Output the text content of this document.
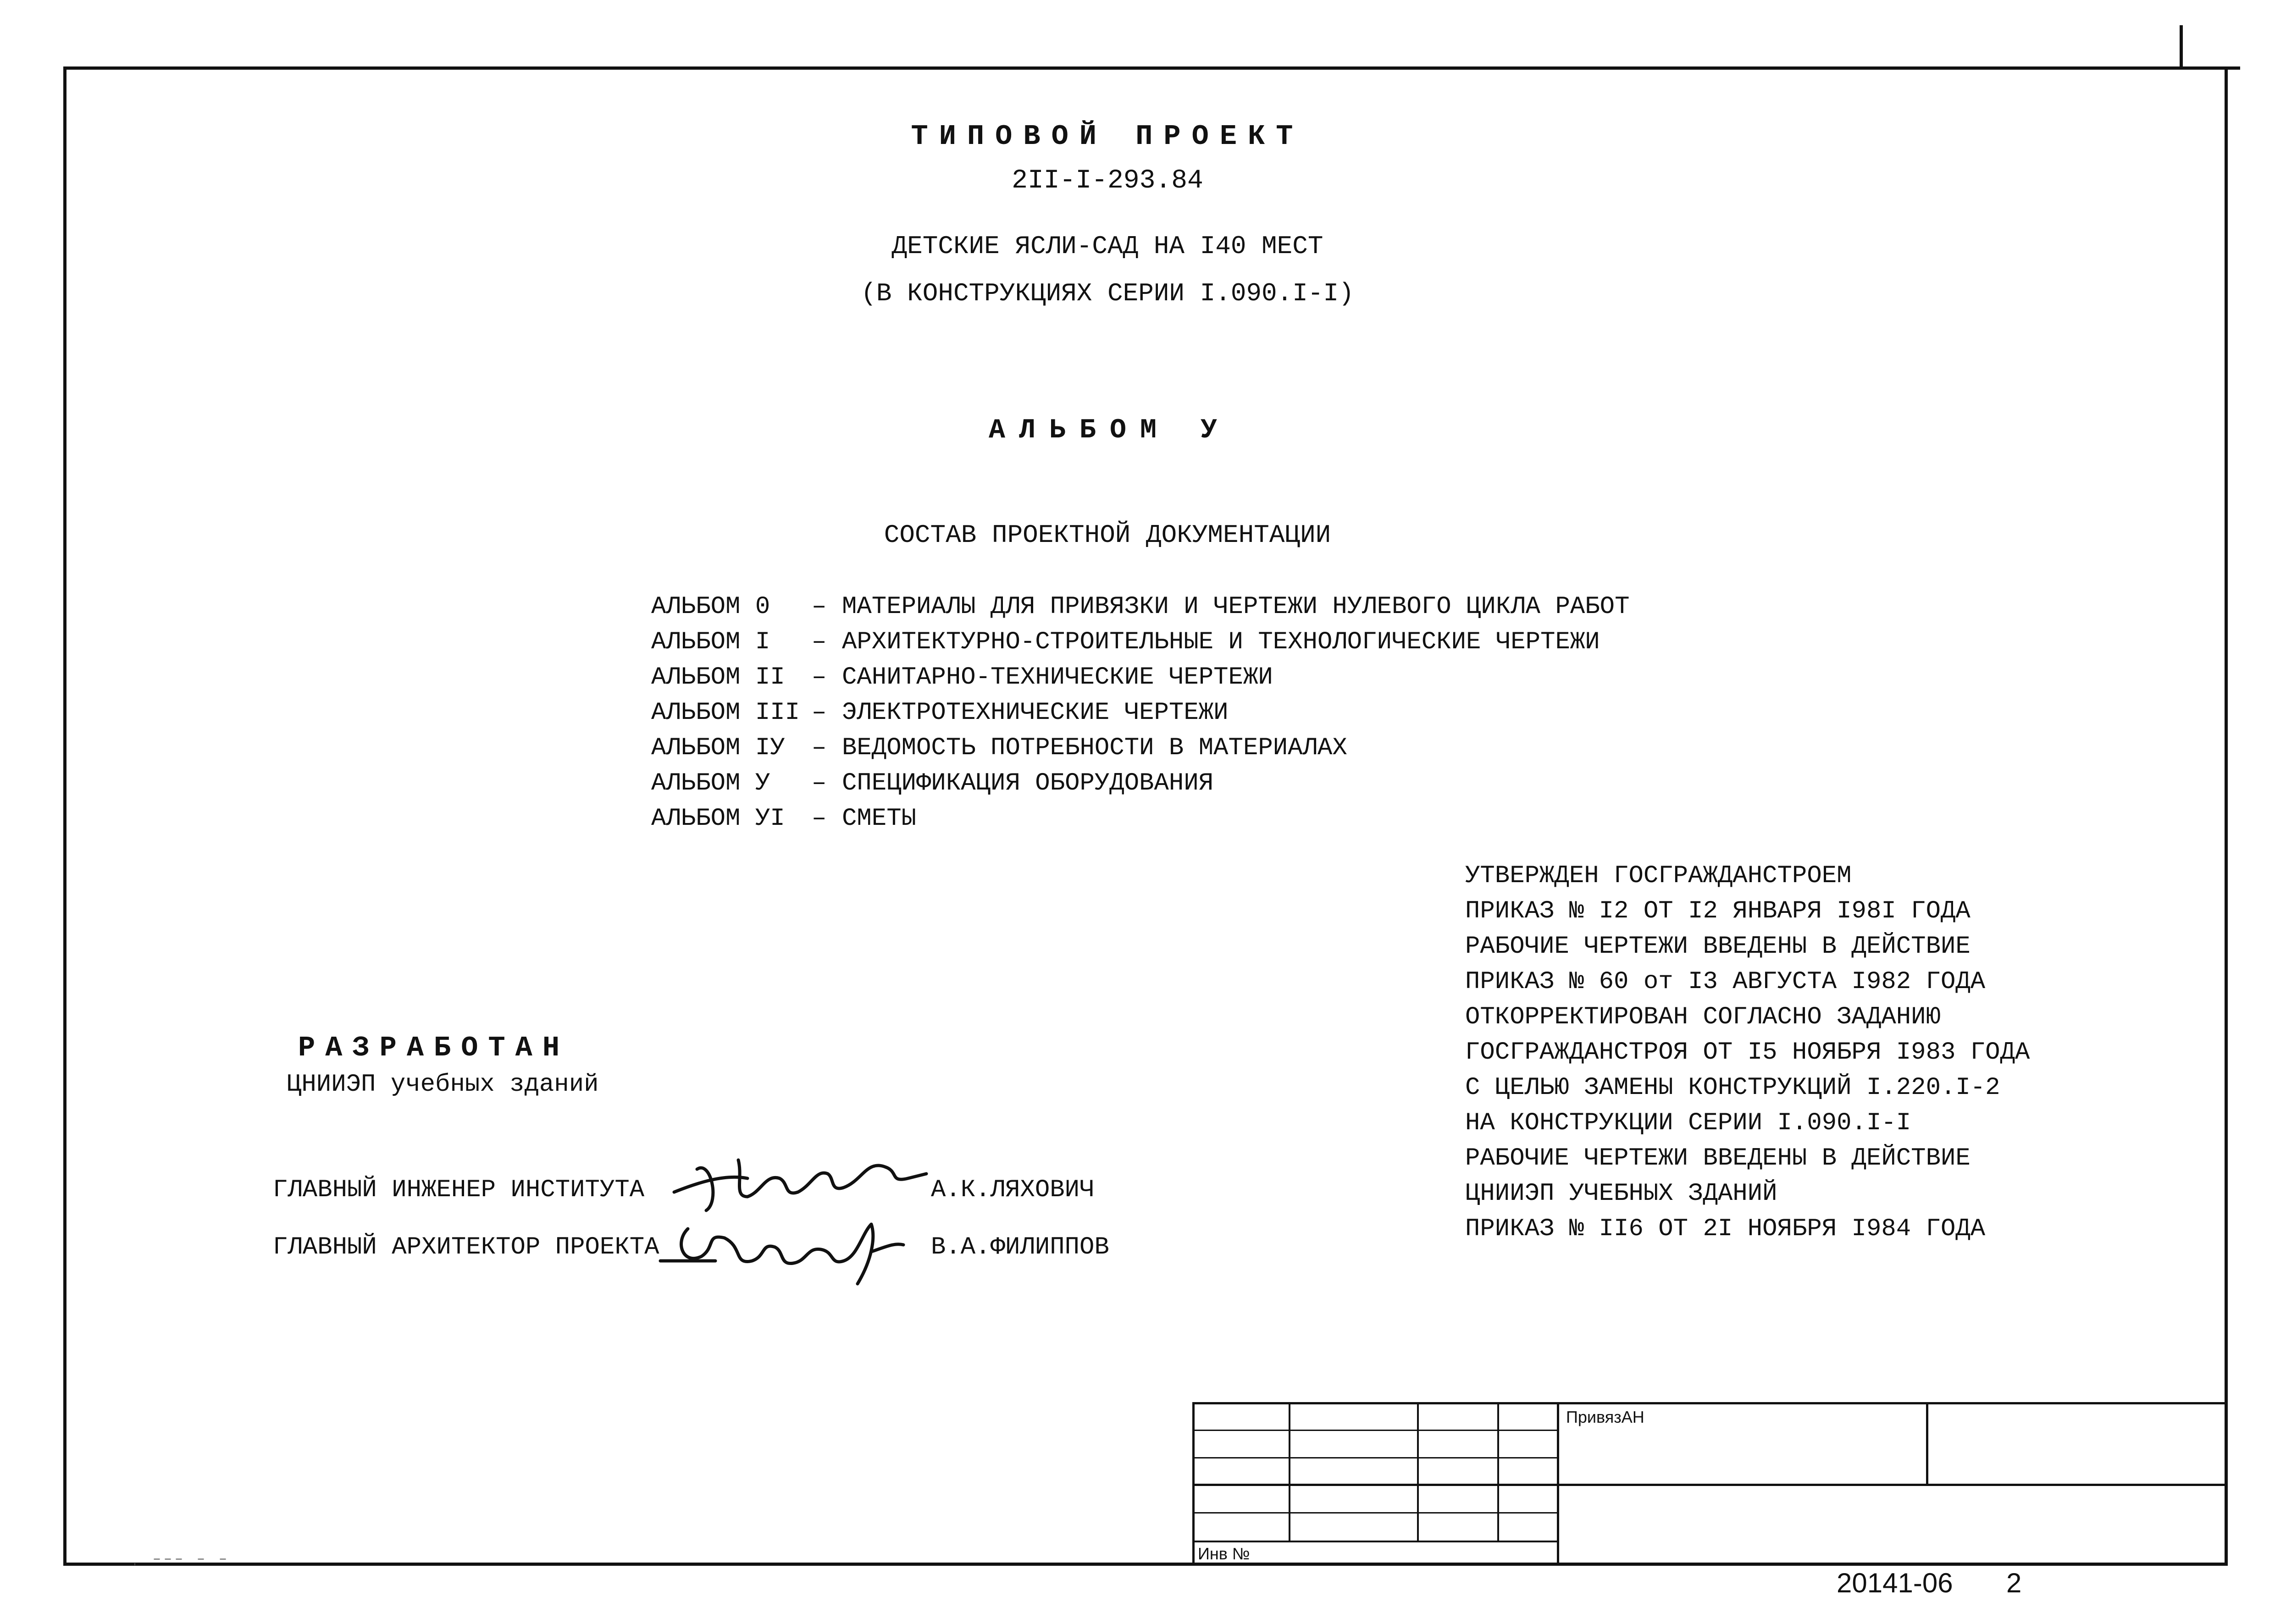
ТИПОВОЙ ПРОЕКТ
2II-I-293.84
ДЕТСКИЕ ЯСЛИ-САД НА I40 МЕСТ
(В КОНСТРУКЦИЯХ СЕРИИ I.090.I-I)
АЛЬБОМ У
СОСТАВ ПРОЕКТНОЙ ДОКУМЕНТАЦИИ
АЛЬБОМ 0 – МАТЕРИАЛЫ ДЛЯ ПРИВЯЗКИ И ЧЕРТЕЖИ НУЛЕВОГО ЦИКЛА РАБОТ
АЛЬБОМ I – АРХИТЕКТУРНО-СТРОИТЕЛЬНЫЕ И ТЕХНОЛОГИЧЕСКИЕ ЧЕРТЕЖИ
АЛЬБОМ II – САНИТАРНО-ТЕХНИЧЕСКИЕ ЧЕРТЕЖИ
АЛЬБОМ III – ЭЛЕКТРОТЕХНИЧЕСКИЕ ЧЕРТЕЖИ
АЛЬБОМ IУ – ВЕДОМОСТЬ ПОТРЕБНОСТИ В МАТЕРИАЛАХ
АЛЬБОМ У – СПЕЦИФИКАЦИЯ ОБОРУДОВАНИЯ
АЛЬБОМ УI – СМЕТЫ
УТВЕРЖДЕН ГОСГРАЖДАНСТРОЕМ
ПРИКАЗ № I2 ОТ I2 ЯНВАРЯ I98I ГОДА
РАБОЧИЕ ЧЕРТЕЖИ ВВЕДЕНЫ В ДЕЙСТВИЕ
ПРИКАЗ № 60 от I3 АВГУСТА I982 ГОДА
ОТКОРРЕКТИРОВАН СОГЛАСНО ЗАДАНИЮ
ГОСГРАЖДАНСТРОЯ ОТ I5 НОЯБРЯ I983 ГОДА
С ЦЕЛЬЮ ЗАМЕНЫ КОНСТРУКЦИЙ I.220.I-2
НА КОНСТРУКЦИИ СЕРИИ I.090.I-I
РАБОЧИЕ ЧЕРТЕЖИ ВВЕДЕНЫ В ДЕЙСТВИЕ
ЦНИИЭП УЧЕБНЫХ ЗДАНИЙ
ПРИКАЗ № II6 ОТ 2I НОЯБРЯ I984 ГОДА
РАЗРАБОТАН
ЦНИИЭП учебных зданий
ГЛАВНЫЙ ИНЖЕНЕР ИНСТИТУТА	А.К.ЛЯХОВИЧ
ГЛАВНЫЙ АРХИТЕКТОР ПРОЕКТА	В.А.ФИЛИППОВ
ПривязАН
Инв №
ˌ ‒‒‒ ‒ ‒
20141-06 2
